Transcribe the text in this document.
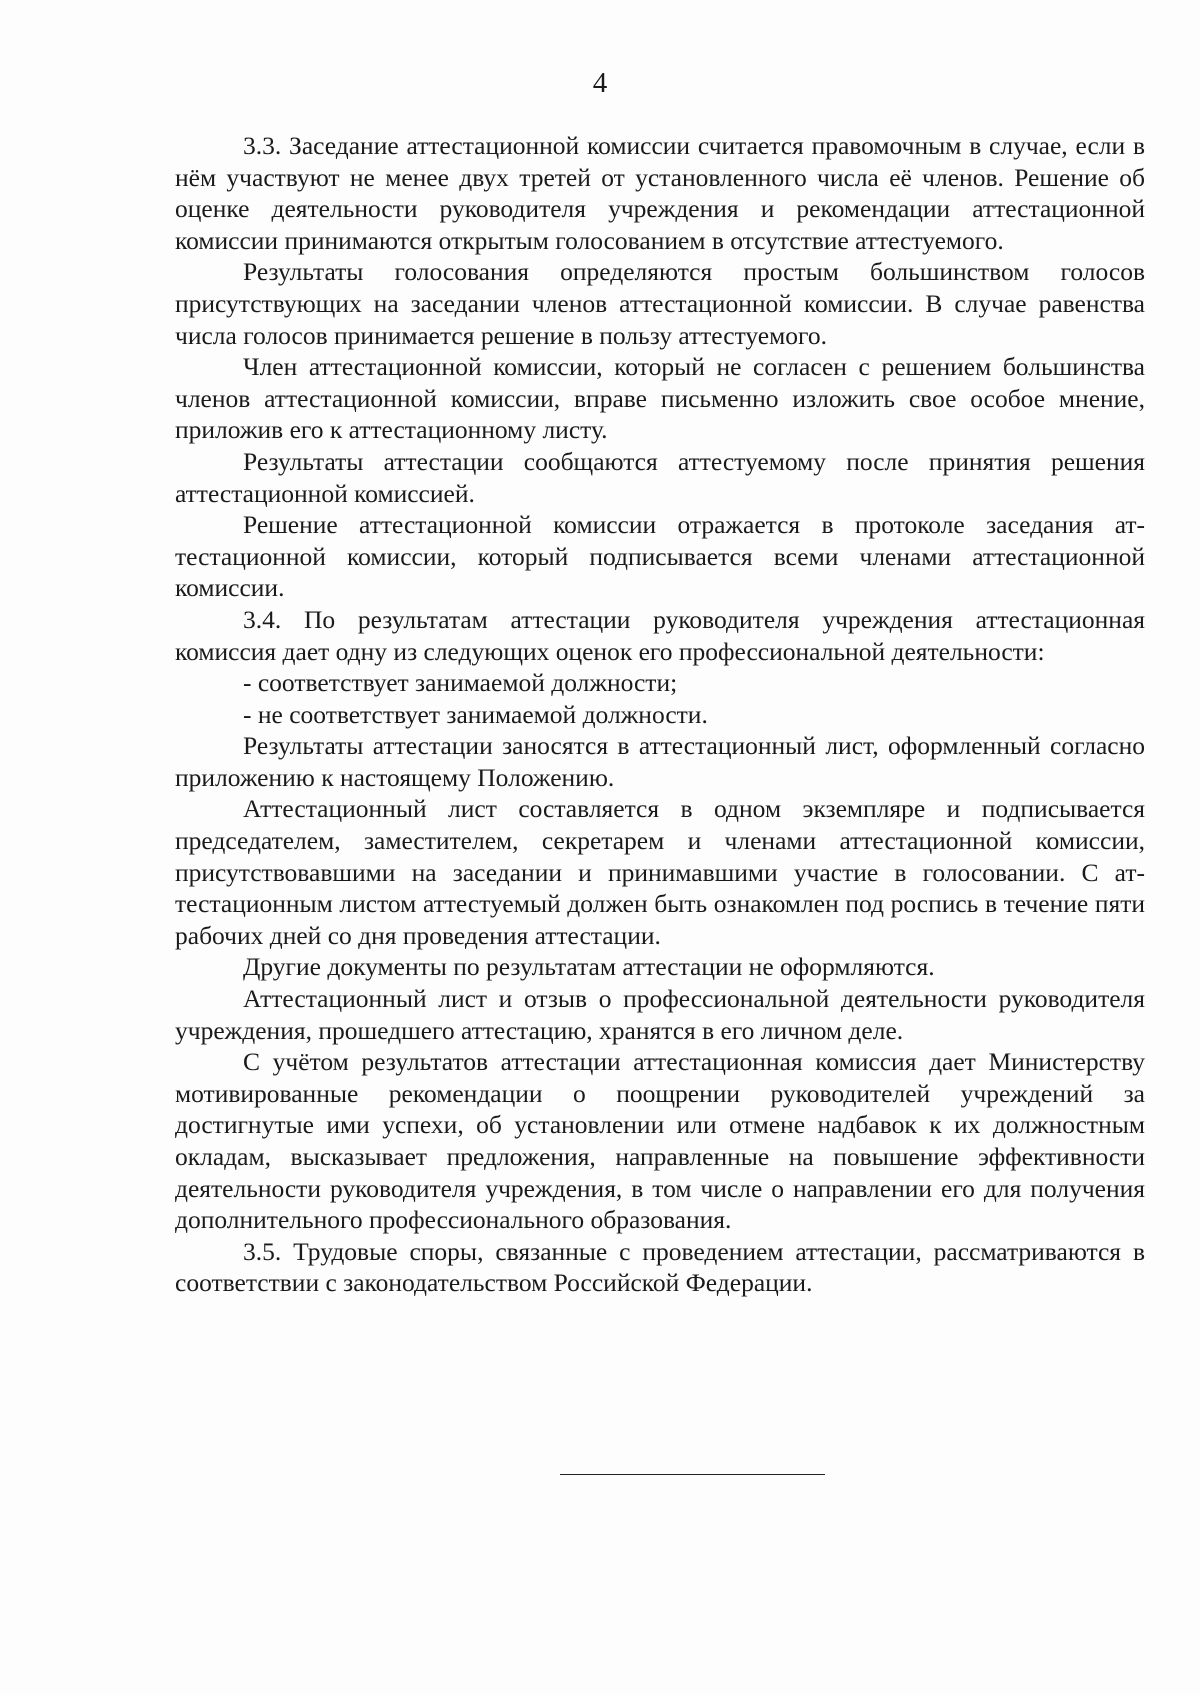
4

3.3. Заседание аттестационной комиссии считается правомочным в случае, если в нём участвуют не менее двух третей от установленного числа её членов. Решение об оценке деятельности руководителя учреждения и рекомендации аттестационной комиссии принимаются открытым голосованием в отсутствие аттестуемого.

Результаты голосования определяются простым большинством голосов присутствующих на заседании членов аттестационной комиссии. В случае равенства числа голосов принимается решение в пользу аттестуемого.

Член аттестационной комиссии, который не согласен с решением большинства членов аттестационной комиссии, вправе письменно изложить свое особое мнение, приложив его к аттестационному листу.

Результаты аттестации сообщаются аттестуемому после принятия решения аттестационной комиссией.

Решение аттестационной комиссии отражается в протоколе заседания аттестационной комиссии, который подписывается всеми членами аттестационной комиссии.

3.4. По результатам аттестации руководителя учреждения аттестационная комиссия дает одну из следующих оценок его профессиональной деятельности:

- соответствует занимаемой должности;

- не соответствует занимаемой должности.

Результаты аттестации заносятся в аттестационный лист, оформленный согласно приложению к настоящему Положению.

Аттестационный лист составляется в одном экземпляре и подписывается председателем, заместителем, секретарем и членами аттестационной комиссии, присутствовавшими на заседании и принимавшими участие в голосовании. С аттестационным листом аттестуемый должен быть ознакомлен под роспись в течение пяти рабочих дней со дня проведения аттестации.

Другие документы по результатам аттестации не оформляются.

Аттестационный лист и отзыв о профессиональной деятельности руководителя учреждения, прошедшего аттестацию, хранятся в его личном деле.

С учётом результатов аттестации аттестационная комиссия дает Министерству мотивированные рекомендации о поощрении руководителей учреждений за достигнутые ими успехи, об установлении или отмене надбавок к их должностным окладам, высказывает предложения, направленные на повышение эффективности деятельности руководителя учреждения, в том числе о направлении его для получения дополнительного профессионального образования.

3.5. Трудовые споры, связанные с проведением аттестации, рассматриваются в соответствии с законодательством Российской Федерации.
